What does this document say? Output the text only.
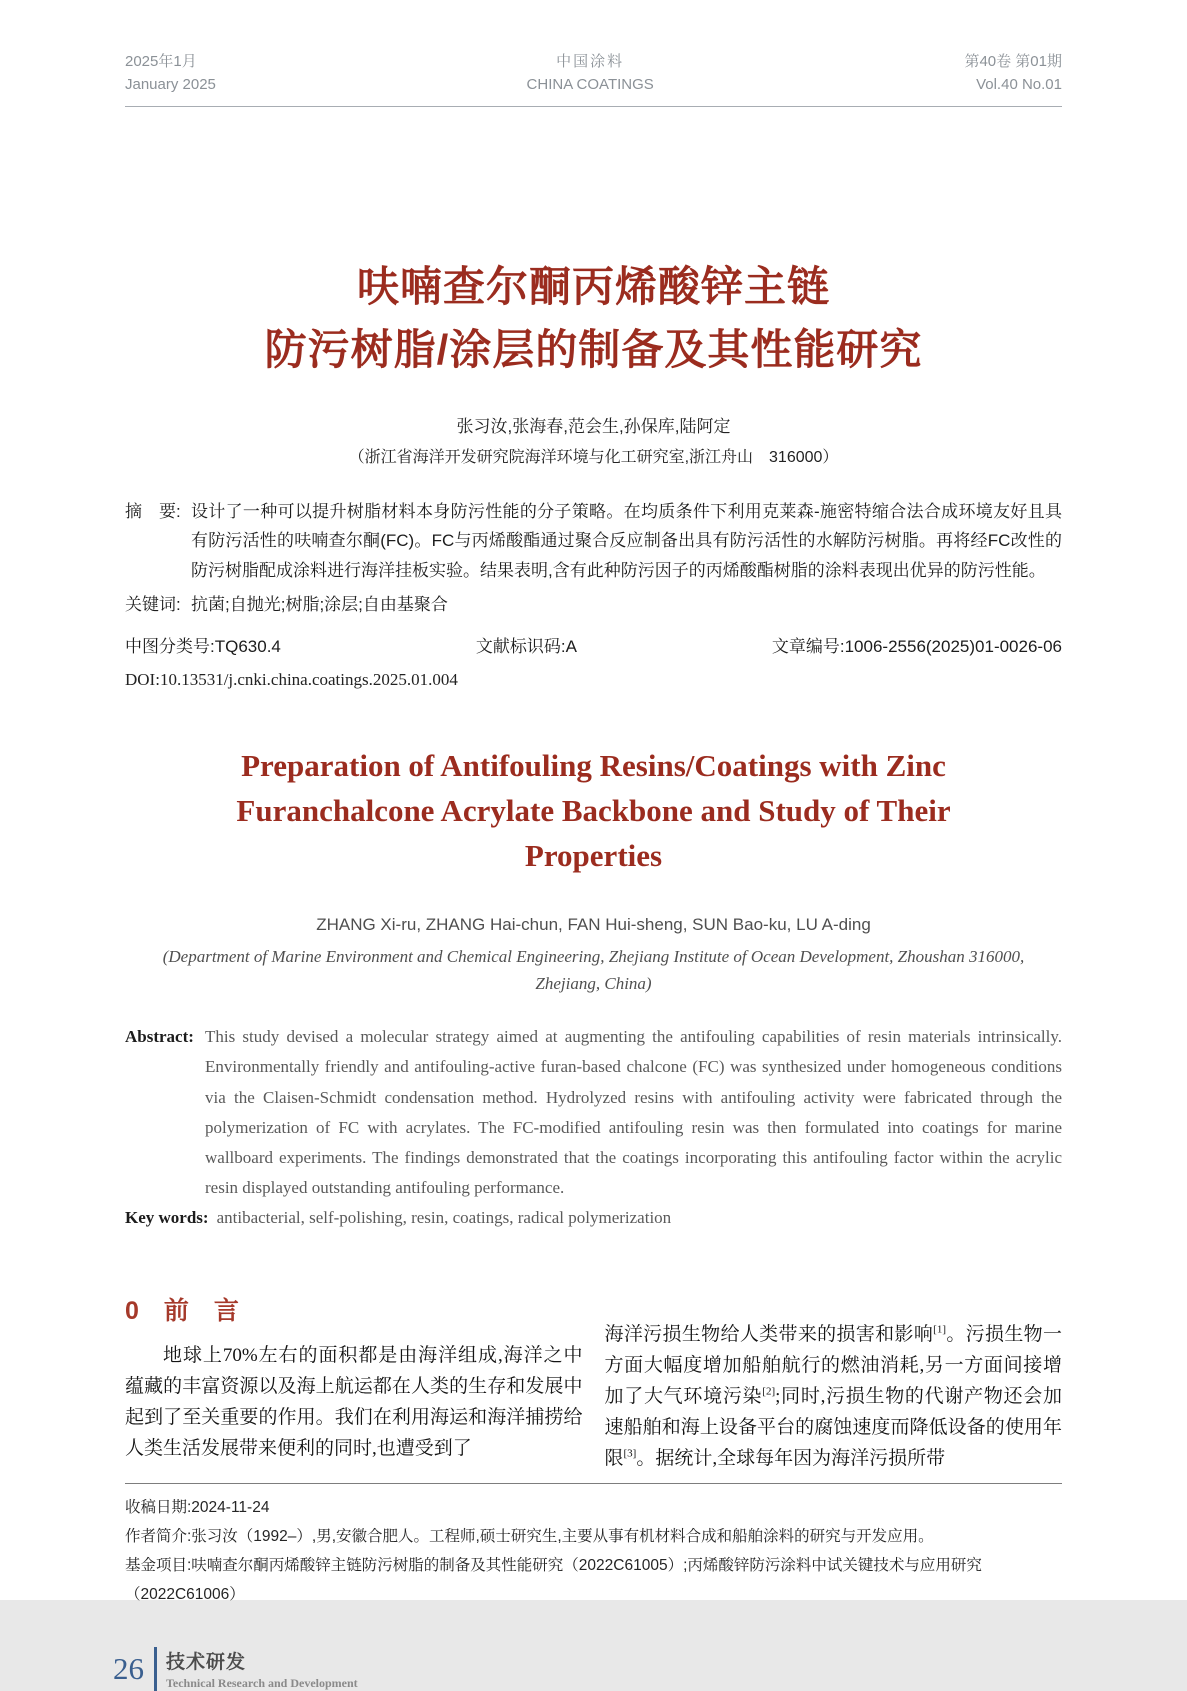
2025年1月
January 2025
中国涂料
CHINA COATINGS
第40卷 第01期
Vol.40 No.01
呋喃查尔酮丙烯酸锌主链
防污树脂/涂层的制备及其性能研究
张习汝,张海春,范会生,孙保库,陆阿定
（浙江省海洋开发研究院海洋环境与化工研究室,浙江舟山　316000）
摘　要: 设计了一种可以提升树脂材料本身防污性能的分子策略。在均质条件下利用克莱森-施密特缩合法合成环境友好且具有防污活性的呋喃查尔酮(FC)。FC与丙烯酸酯通过聚合反应制备出具有防污活性的水解防污树脂。再将经FC改性的防污树脂配成涂料进行海洋挂板实验。结果表明,含有此种防污因子的丙烯酸酯树脂的涂料表现出优异的防污性能。
关键词: 抗菌;自抛光;树脂;涂层;自由基聚合
中图分类号:TQ630.4	文献标识码:A	文章编号:1006-2556(2025)01-0026-06
DOI:10.13531/j.cnki.china.coatings.2025.01.004
Preparation of Antifouling Resins/Coatings with Zinc
Furanchalcone Acrylate Backbone and Study of Their
Properties
ZHANG Xi-ru, ZHANG Hai-chun, FAN Hui-sheng, SUN Bao-ku, LU A-ding
(Department of Marine Environment and Chemical Engineering, Zhejiang Institute of Ocean Development, Zhoushan 316000,
Zhejiang, China)
Abstract: This study devised a molecular strategy aimed at augmenting the antifouling capabilities of resin materials intrinsically. Environmentally friendly and antifouling-active furan-based chalcone (FC) was synthesized under homogeneous conditions via the Claisen-Schmidt condensation method. Hydrolyzed resins with antifouling activity were fabricated through the polymerization of FC with acrylates. The FC-modified antifouling resin was then formulated into coatings for marine wallboard experiments. The findings demonstrated that the coatings incorporating this antifouling factor within the acrylic resin displayed outstanding antifouling performance.
Key words: antibacterial, self-polishing, resin, coatings, radical polymerization
0　前　言

地球上70%左右的面积都是由海洋组成,海洋之中蕴藏的丰富资源以及海上航运都在人类的生存和发展中起到了至关重要的作用。我们在利用海运和海洋捕捞给人类生活发展带来便利的同时,也遭受到了

海洋污损生物给人类带来的损害和影响[1]。污损生物一方面大幅度增加船舶航行的燃油消耗,另一方面间接增加了大气环境污染[2];同时,污损生物的代谢产物还会加速船舶和海上设备平台的腐蚀速度而降低设备的使用年限[3]。据统计,全球每年因为海洋污损所带

收稿日期:2024-11-24
作者简介:张习汝（1992–）,男,安徽合肥人。工程师,硕士研究生,主要从事有机材料合成和船舶涂料的研究与开发应用。
基金项目:呋喃查尔酮丙烯酸锌主链防污树脂的制备及其性能研究（2022C61005）;丙烯酸锌防污涂料中试关键技术与应用研究
（2022C61006）
26	技术研发
Technical Research and Development
